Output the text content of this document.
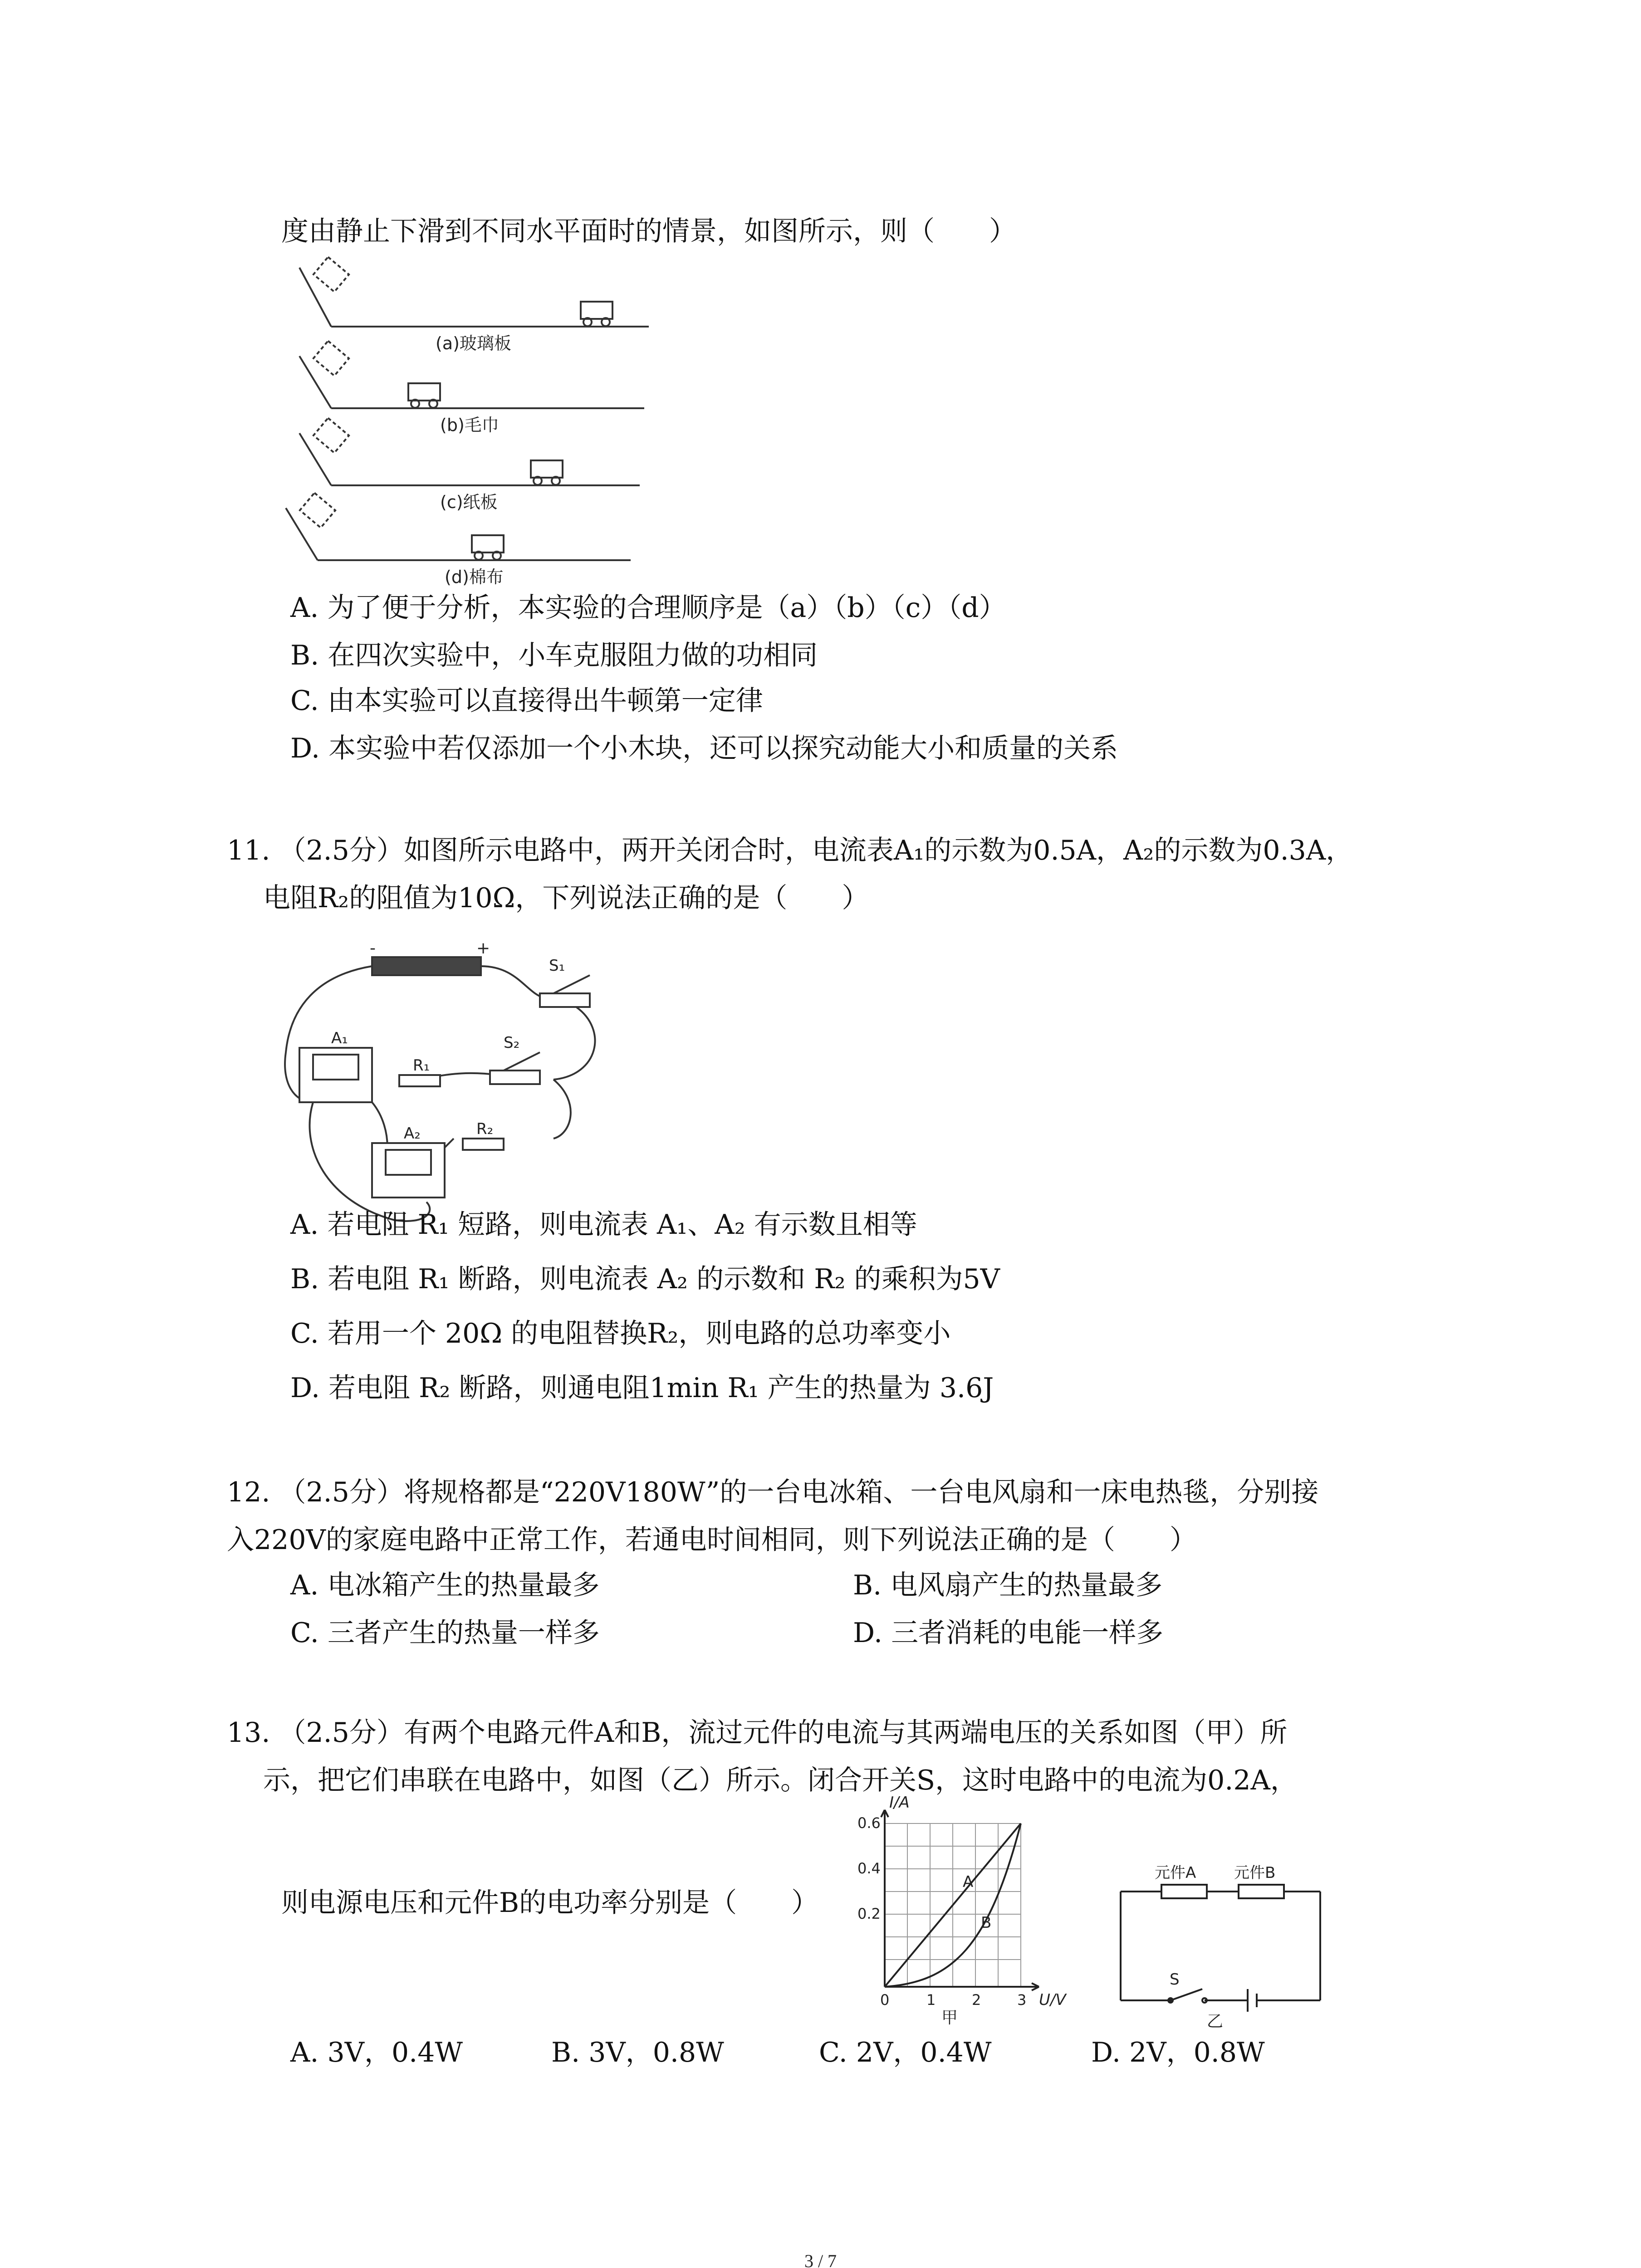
度由静止下滑到不同水平面时的情景，如图所示，则（　　）
(a)玻璃板
(b)毛巾
(c)纸板
(d)棉布
A. 为了便于分析，本实验的合理顺序是（a）（b）（c）（d）
B. 在四次实验中，小车克服阻力做的功相同
C. 由本实验可以直接得出牛顿第一定律
D. 本实验中若仅添加一个小木块，还可以探究动能大小和质量的关系
11. （2.5分）如图所示电路中，两开关闭合时，电流表A₁的示数为0.5A，A₂的示数为0.3A，
电阻R₂的阻值为10Ω，下列说法正确的是（　　）
-	+
A₁
A₂
R₁
R₂
S₁
S₂
A. 若电阻 R₁ 短路，则电流表 A₁、A₂ 有示数且相等
B. 若电阻 R₁ 断路，则电流表 A₂ 的示数和 R₂ 的乘积为5V
C. 若用一个 20Ω 的电阻替换R₂，则电路的总功率变小
D. 若电阻 R₂ 断路，则通电阻1min R₁ 产生的热量为 3.6J
12. （2.5分）将规格都是“220V180W”的一台电冰箱、一台电风扇和一床电热毯，分别接
入220V的家庭电路中正常工作，若通电时间相同，则下列说法正确的是（　　）
A. 电冰箱产生的热量最多	B. 电风扇产生的热量最多
C. 三者产生的热量一样多	D. 三者消耗的电能一样多
13. （2.5分）有两个电路元件A和B，流过元件的电流与其两端电压的关系如图（甲）所
示，把它们串联在电路中，如图（乙）所示。闭合开关S，这时电路中的电流为0.2A，
则电源电压和元件B的电功率分别是（　　）
I/A
0.6
0.4
0.2
0	1 2 3 U/V
A
B
甲
元件A 元件B
S
乙
A. 3V，0.4W	B. 3V，0.8W	C. 2V，0.4W	D. 2V，0.8W
3 / 7
